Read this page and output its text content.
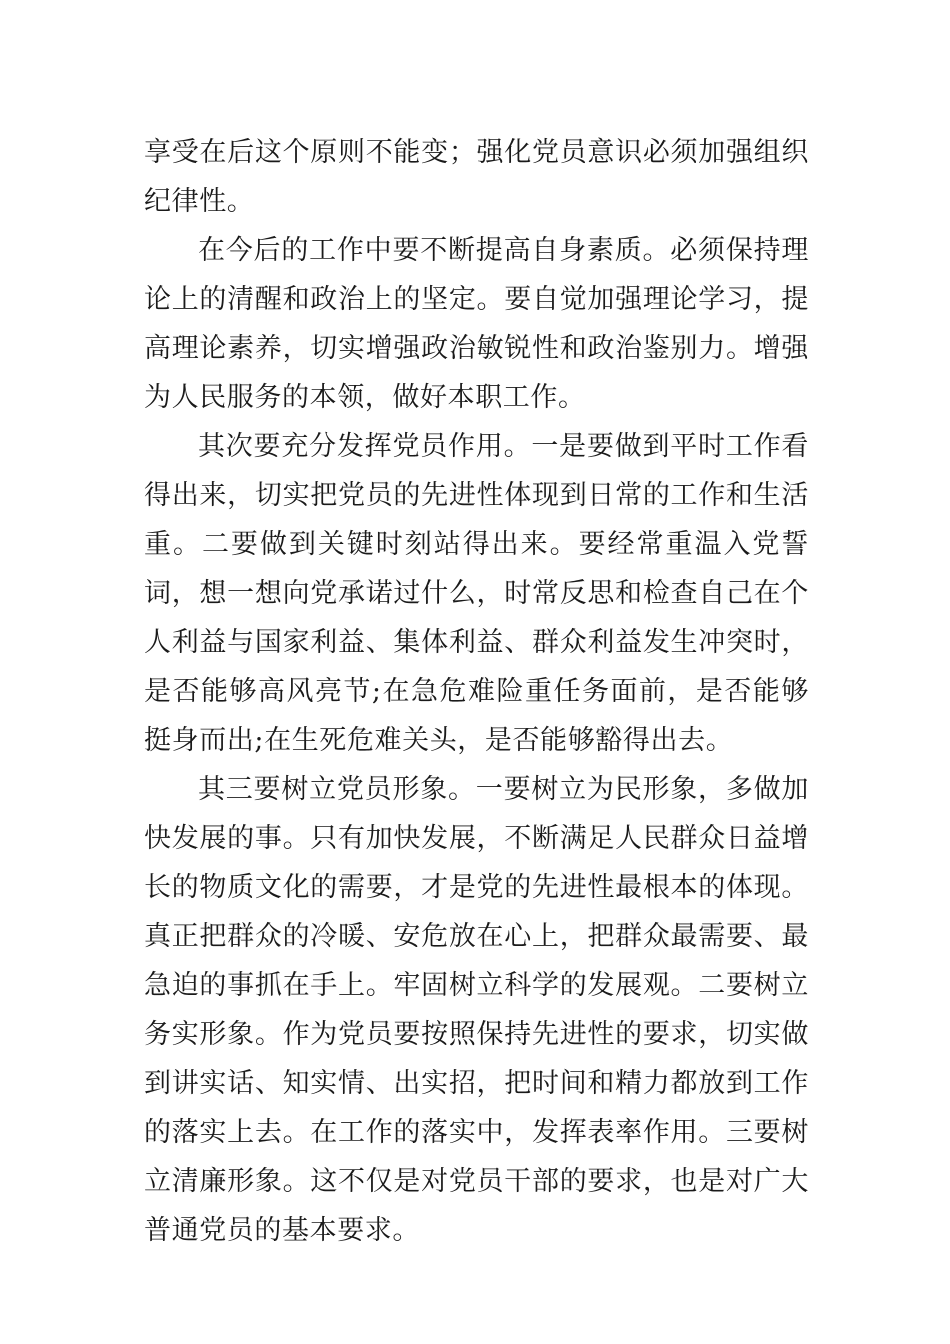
享受在后这个原则不能变；强化党员意识必须加强组织纪律性。

在今后的工作中要不断提高自身素质。必须保持理论上的清醒和政治上的坚定。要自觉加强理论学习，提高理论素养，切实增强政治敏锐性和政治鉴别力。增强为人民服务的本领，做好本职工作。

其次要充分发挥党员作用。一是要做到平时工作看得出来，切实把党员的先进性体现到日常的工作和生活重。二要做到关键时刻站得出来。要经常重温入党誓词，想一想向党承诺过什么，时常反思和检查自己在个人利益与国家利益、集体利益、群众利益发生冲突时，是否能够高风亮节;在急危难险重任务面前，是否能够挺身而出;在生死危难关头，是否能够豁得出去。

其三要树立党员形象。一要树立为民形象，多做加快发展的事。只有加快发展，不断满足人民群众日益增长的物质文化的需要，才是党的先进性最根本的体现。真正把群众的冷暖、安危放在心上，把群众最需要、最急迫的事抓在手上。牢固树立科学的发展观。二要树立务实形象。作为党员要按照保持先进性的要求，切实做到讲实话、知实情、出实招，把时间和精力都放到工作的落实上去。在工作的落实中，发挥表率作用。三要树立清廉形象。这不仅是对党员干部的要求，也是对广大普通党员的基本要求。
